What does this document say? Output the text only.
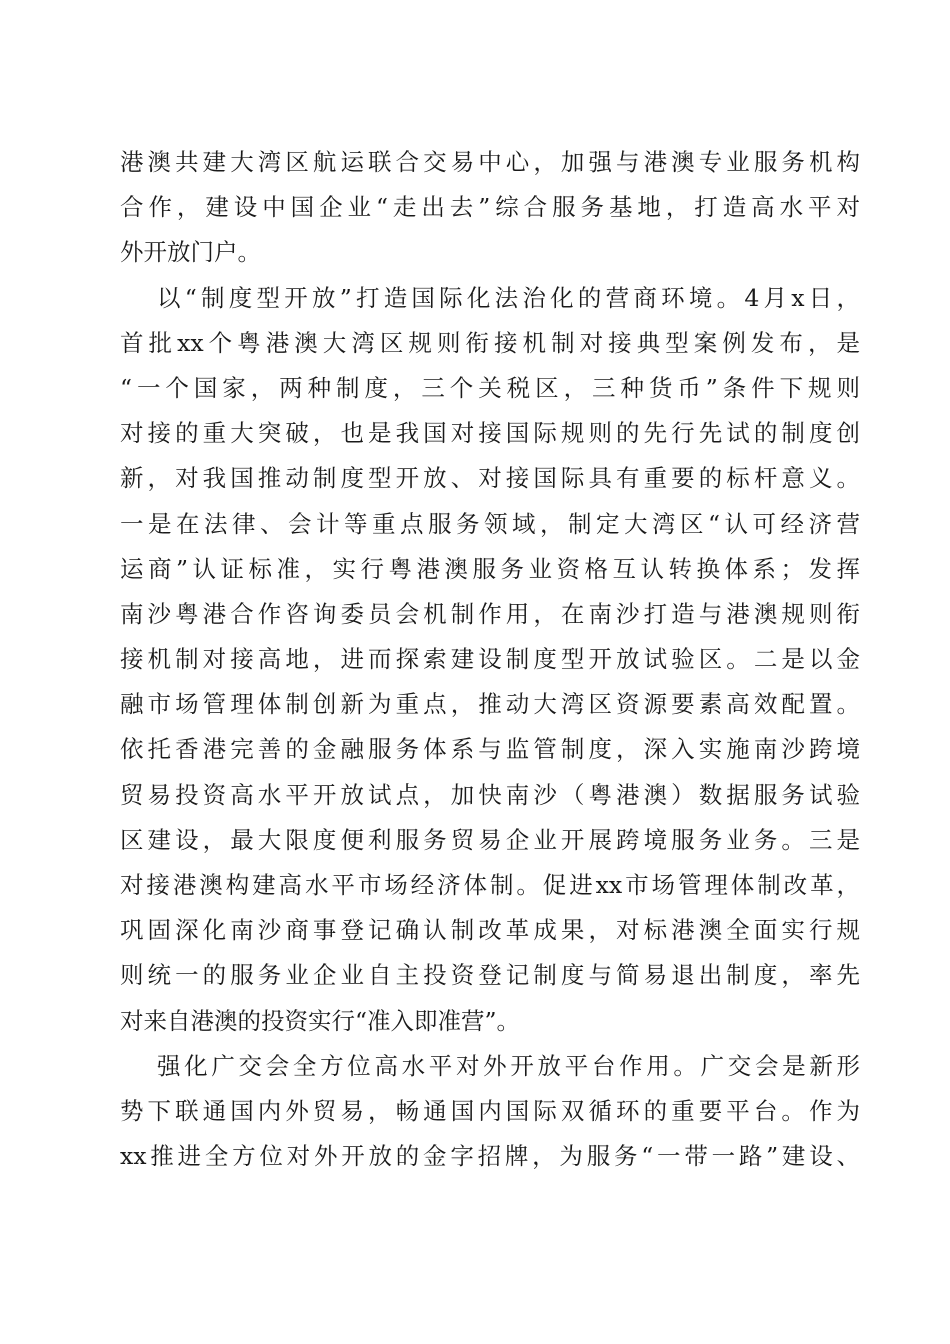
港澳共建大湾区航运联合交易中心，加强与港澳专业服务机构
合作，建设中国企业“走出去”综合服务基地，打造高水平对
外开放门户。
以“制度型开放”打造国际化法治化的营商环境。4月x日，
首批xx个粤港澳大湾区规则衔接机制对接典型案例发布，是
“一个国家，两种制度，三个关税区，三种货币”条件下规则
对接的重大突破，也是我国对接国际规则的先行先试的制度创
新，对我国推动制度型开放、对接国际具有重要的标杆意义。
一是在法律、会计等重点服务领域，制定大湾区“认可经济营
运商”认证标准，实行粤港澳服务业资格互认转换体系；发挥
南沙粤港合作咨询委员会机制作用，在南沙打造与港澳规则衔
接机制对接高地，进而探索建设制度型开放试验区。二是以金
融市场管理体制创新为重点，推动大湾区资源要素高效配置。
依托香港完善的金融服务体系与监管制度，深入实施南沙跨境
贸易投资高水平开放试点，加快南沙（粤港澳）数据服务试验
区建设，最大限度便利服务贸易企业开展跨境服务业务。三是
对接港澳构建高水平市场经济体制。促进xx市场管理体制改革，
巩固深化南沙商事登记确认制改革成果，对标港澳全面实行规
则统一的服务业企业自主投资登记制度与简易退出制度，率先
对来自港澳的投资实行“准入即准营”。
强化广交会全方位高水平对外开放平台作用。广交会是新形
势下联通国内外贸易，畅通国内国际双循环的重要平台。作为
xx推进全方位对外开放的金字招牌，为服务“一带一路”建设、
